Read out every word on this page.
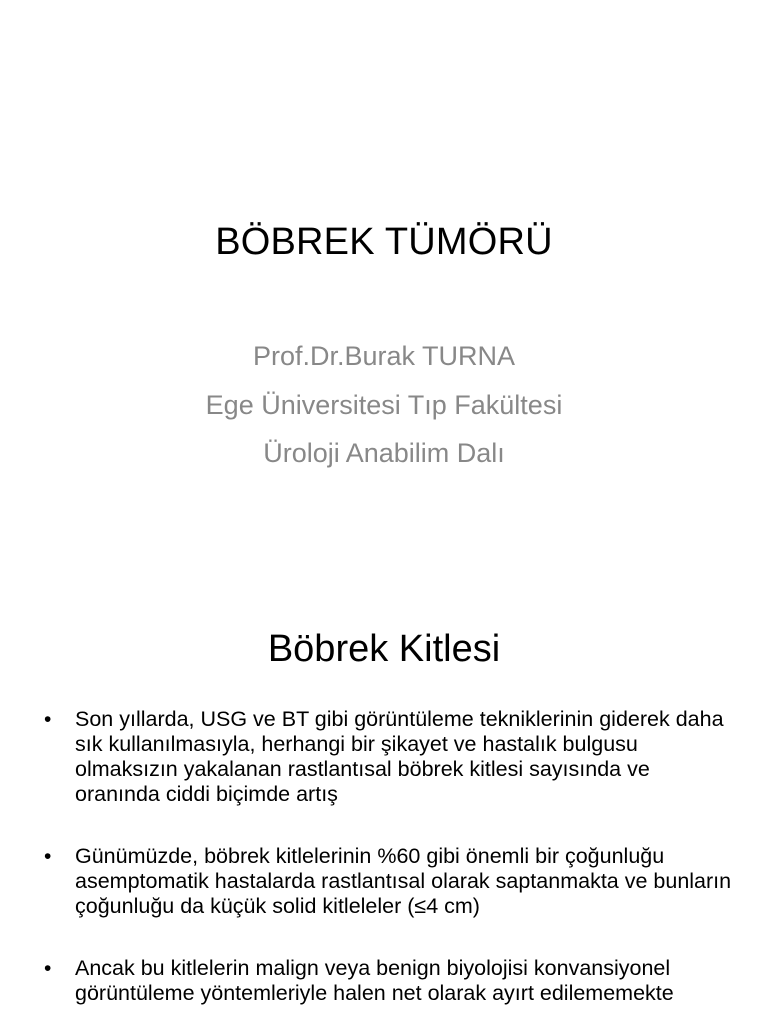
BÖBREK TÜMÖRÜ
Prof.Dr.Burak TURNA
Ege Üniversitesi Tıp Fakültesi
Üroloji Anabilim Dalı
Böbrek Kitlesi
• Son yıllarda, USG ve BT gibi görüntüleme tekniklerinin giderek daha sık kullanılmasıyla, herhangi bir şikayet ve hastalık bulgusu olmaksızın yakalanan rastlantısal böbrek kitlesi sayısında ve oranında ciddi biçimde artış
• Günümüzde, böbrek kitlelerinin %60 gibi önemli bir çoğunluğu asemptomatik hastalarda rastlantısal olarak saptanmakta ve bunların çoğunluğu da küçük solid kitleleler (≤4 cm)
• Ancak bu kitlelerin malign veya benign biyolojisi konvansiyonel görüntüleme yöntemleriyle halen net olarak ayırt edilememekte
